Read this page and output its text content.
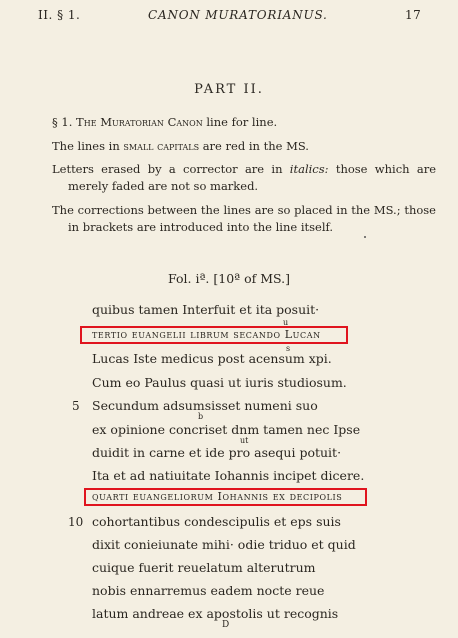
II. § 1.	CANON MURATORIANUS.	17
PART II.
§ 1. The Muratorian Canon line for line.
The lines in small capitals are red in the MS.
Letters erased by a corrector are in italics: those which are merely faded are not so marked.
The corrections between the lines are so placed in the MS.; those in brackets are introduced into the line itself.
Fol. iª. [10ª of MS.]
quibus tamen Interfuit et ita posuit·
u
tertio euangelii librum secando Lucan
s
Lucas Iste medicus post acensum xpi.
Cum eo Paulus quasi ut iuris studiosum.
5 Secundum adsumsisset numeni suo
b
ex opinione concriset dnm tamen nec Ipse
ut
duidit in carne et ide pro asequi potuit·
Ita et ad natiuitate Iohannis incipet dicere.
quarti euangeliorum Iohannis ex decipolis
10 cohortantibus condescipulis et eps suis
dixit conieiunate mihi· odie triduo et quid
cuique fuerit reuelatum alterutrum
nobis ennarremus eadem nocte reue
latum andreae ex apostolis ut recognis
D
